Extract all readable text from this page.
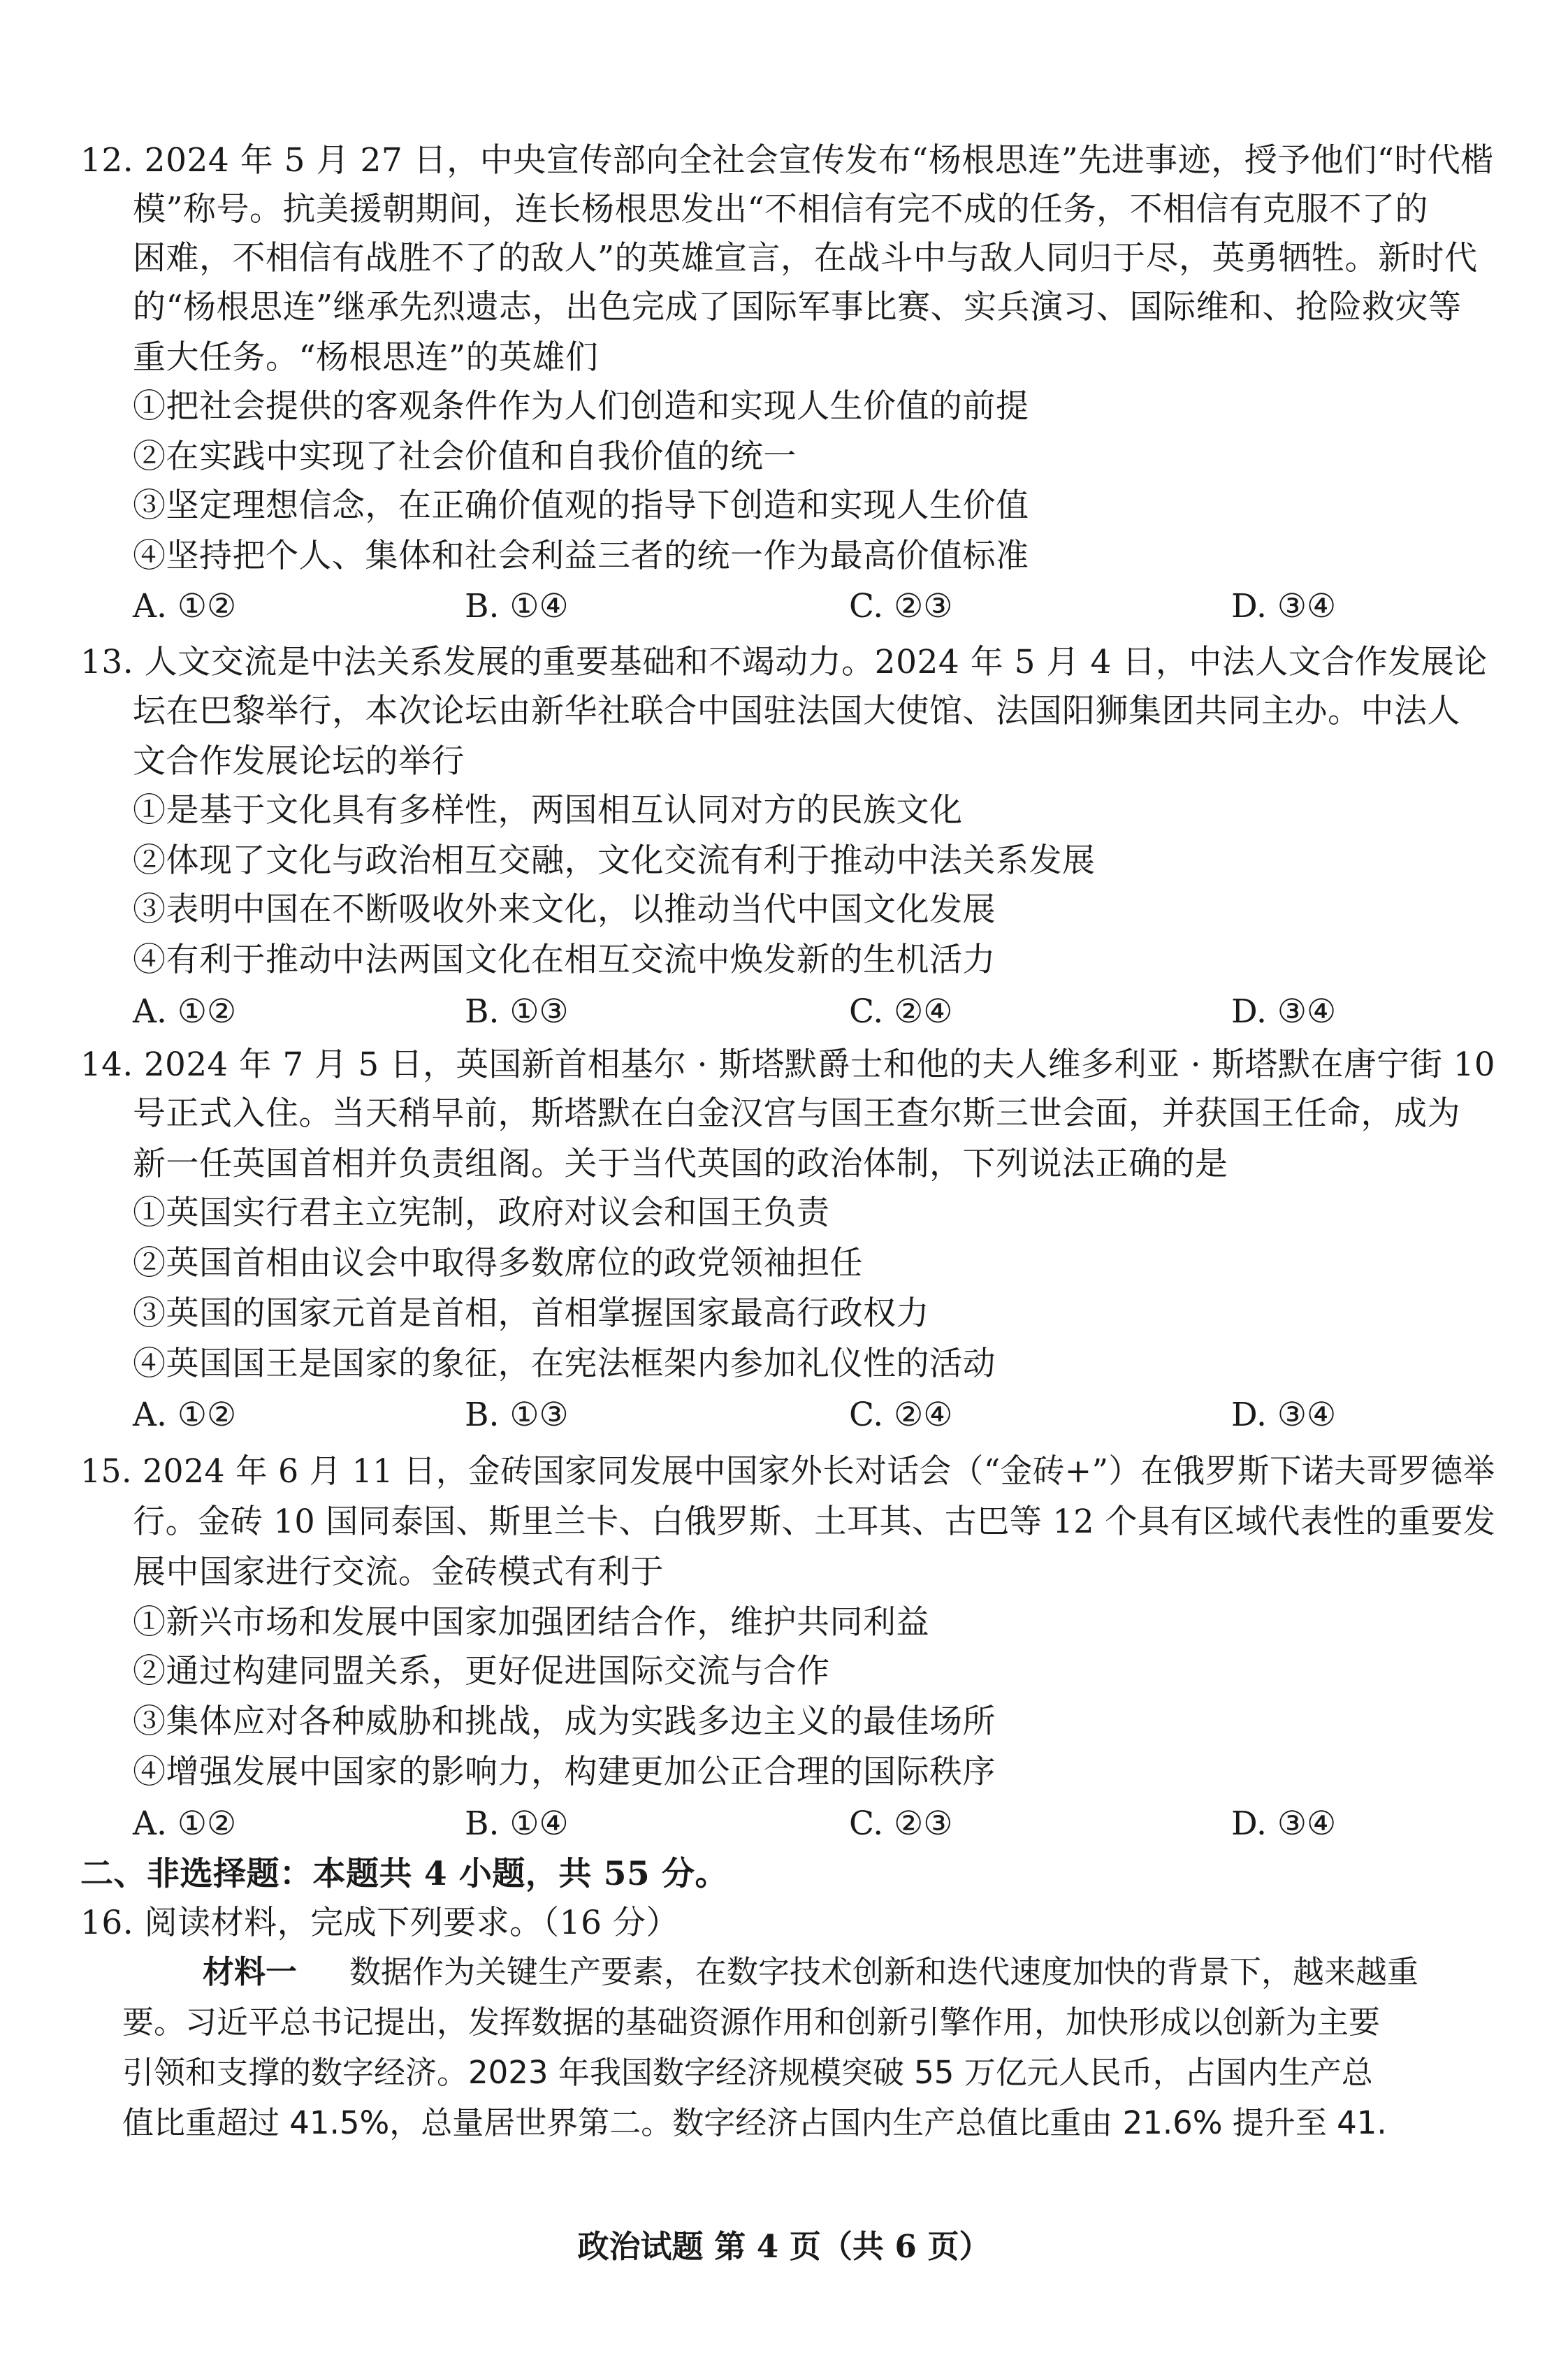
12. 2024 年 5 月 27 日，中央宣传部向全社会宣传发布“杨根思连”先进事迹，授予他们“时代楷
模”称号。抗美援朝期间，连长杨根思发出“不相信有完不成的任务，不相信有克服不了的
困难，不相信有战胜不了的敌人”的英雄宣言，在战斗中与敌人同归于尽，英勇牺牲。新时代
的“杨根思连”继承先烈遗志，出色完成了国际军事比赛、实兵演习、国际维和、抢险救灾等
重大任务。“杨根思连”的英雄们
①把社会提供的客观条件作为人们创造和实现人生价值的前提
②在实践中实现了社会价值和自我价值的统一
③坚定理想信念，在正确价值观的指导下创造和实现人生价值
④坚持把个人、集体和社会利益三者的统一作为最高价值标准
A. ①②	B. ①④	C. ②③	D. ③④
13. 人文交流是中法关系发展的重要基础和不竭动力。2024 年 5 月 4 日，中法人文合作发展论
坛在巴黎举行，本次论坛由新华社联合中国驻法国大使馆、法国阳狮集团共同主办。中法人
文合作发展论坛的举行
①是基于文化具有多样性，两国相互认同对方的民族文化
②体现了文化与政治相互交融，文化交流有利于推动中法关系发展
③表明中国在不断吸收外来文化，以推动当代中国文化发展
④有利于推动中法两国文化在相互交流中焕发新的生机活力
A. ①②	B. ①③	C. ②④	D. ③④
14. 2024 年 7 月 5 日，英国新首相基尔 · 斯塔默爵士和他的夫人维多利亚 · 斯塔默在唐宁街 10
号正式入住。当天稍早前，斯塔默在白金汉宫与国王查尔斯三世会面，并获国王任命，成为
新一任英国首相并负责组阁。关于当代英国的政治体制，下列说法正确的是
①英国实行君主立宪制，政府对议会和国王负责
②英国首相由议会中取得多数席位的政党领袖担任
③英国的国家元首是首相，首相掌握国家最高行政权力
④英国国王是国家的象征，在宪法框架内参加礼仪性的活动
A. ①②	B. ①③	C. ②④	D. ③④
15. 2024 年 6 月 11 日，金砖国家同发展中国家外长对话会（“金砖+”）在俄罗斯下诺夫哥罗德举
行。金砖 10 国同泰国、斯里兰卡、白俄罗斯、土耳其、古巴等 12 个具有区域代表性的重要发
展中国家进行交流。金砖模式有利于
①新兴市场和发展中国家加强团结合作，维护共同利益
②通过构建同盟关系，更好促进国际交流与合作
③集体应对各种威胁和挑战，成为实践多边主义的最佳场所
④增强发展中国家的影响力，构建更加公正合理的国际秩序
A. ①②	B. ①④	C. ②③	D. ③④
二、非选择题：本题共 4 小题，共 55 分。
16. 阅读材料，完成下列要求。（16 分）
材料一 数据作为关键生产要素，在数字技术创新和迭代速度加快的背景下，越来越重
要。习近平总书记提出，发挥数据的基础资源作用和创新引擎作用，加快形成以创新为主要
引领和支撑的数字经济。2023 年我国数字经济规模突破 55 万亿元人民币，占国内生产总
值比重超过 41.5%，总量居世界第二。数字经济占国内生产总值比重由 21.6% 提升至 41.
政治试题 第 4 页（共 6 页）
